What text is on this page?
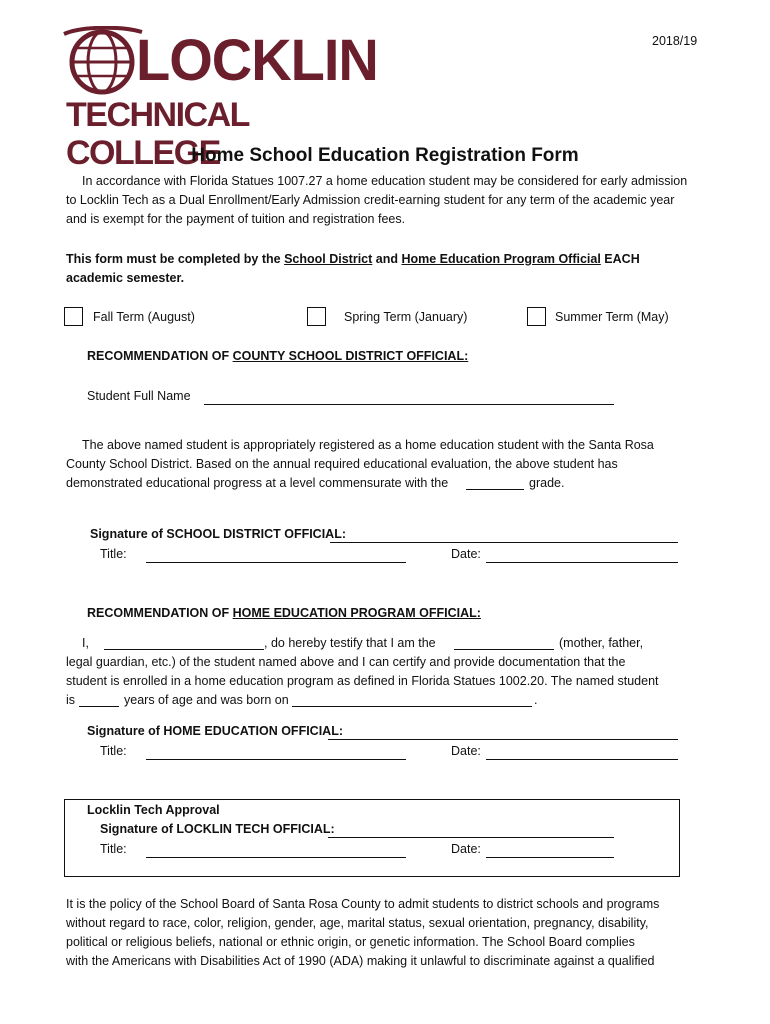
2018/19
LOCKLIN
TECHNICAL COLLEGE
Home School Education Registration Form

In accordance with Florida Statues 1007.27 a home education student may be considered for early admission to Locklin Tech as a Dual Enrollment/Early Admission credit-earning student for any term of the academic year and is exempt for the payment of tuition and registration fees.

This form must be completed by the School District and Home Education Program Official EACH academic semester.

Fall Term (August)	Spring Term (January)	Summer Term (May)
RECOMMENDATION OF COUNTY SCHOOL DISTRICT OFFICIAL:
Student Full Name
The above named student is appropriately registered as a home education student with the Santa Rosa
County School District. Based on the annual required educational evaluation, the above student has
demonstrated educational progress at a level commensurate with the	grade.
Signature of SCHOOL DISTRICT OFFICIAL:
Title:	Date:
RECOMMENDATION OF HOME EDUCATION PROGRAM OFFICIAL:
I,	, do hereby testify that I am the	(mother, father,
legal guardian, etc.) of the student named above and I can certify and provide documentation that the
student is enrolled in a home education program as defined in Florida Statues 1002.20. The named student
is	years of age and was born on	.
Signature of HOME EDUCATION OFFICIAL:
Title:	Date:
Locklin Tech Approval
Signature of LOCKLIN TECH OFFICIAL:
Title:	Date:
It is the policy of the School Board of Santa Rosa County to admit students to district schools and programs
without regard to race, color, religion, gender, age, marital status, sexual orientation, pregnancy, disability,
political or religious beliefs, national or ethnic origin, or genetic information. The School Board complies
with the Americans with Disabilities Act of 1990 (ADA) making it unlawful to discriminate against a qualified
